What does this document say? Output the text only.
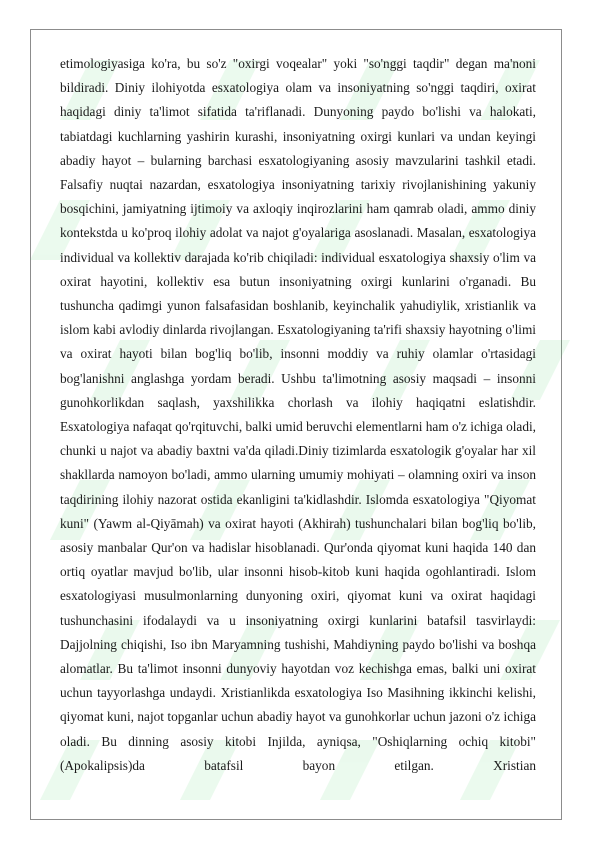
etimologiyasiga ko'ra, bu so'z "oxirgi voqealar" yoki "so'nggi taqdir" degan ma'noni bildiradi. Diniy ilohiyotda esxatologiya olam va insoniyatning so'nggi taqdiri, oxirat haqidagi diniy ta'limot sifatida ta'riflanadi. Dunyoning paydo bo'lishi va halokati, tabiatdagi kuchlarning yashirin kurashi, insoniyatning oxirgi kunlari va undan keyingi abadiy hayot – bularning barchasi esxatologiyaning asosiy mavzularini tashkil etadi. Falsafiy nuqtai nazardan, esxatologiya insoniyatning tarixiy rivojlanishining yakuniy bosqichini, jamiyatning ijtimoiy va axloqiy inqirozlarini ham qamrab oladi, ammo diniy kontekstda u ko'proq ilohiy adolat va najot g'oyalariga asoslanadi. Masalan, esxatologiya individual va kollektiv darajada ko'rib chiqiladi: individual esxatologiya shaxsiy o'lim va oxirat hayotini, kollektiv esa butun insoniyatning oxirgi kunlarini o'rganadi. Bu tushuncha qadimgi yunon falsafasidan boshlanib, keyinchalik yahudiylik, xristianlik va islom kabi avlodiy dinlarda rivojlangan. Esxatologiyaning ta'rifi shaxsiy hayotning o'limi va oxirat hayoti bilan bog'liq bo'lib, insonni moddiy va ruhiy olamlar o'rtasidagi bog'lanishni anglashga yordam beradi. Ushbu ta'limotning asosiy maqsadi – insonni gunohkorlikdan saqlash, yaxshilikka chorlash va ilohiy haqiqatni eslatishdir. Esxatologiya nafaqat qo'rqituvchi, balki umid beruvchi elementlarni ham o'z ichiga oladi, chunki u najot va abadiy baxtni va'da qiladi.Diniy tizimlarda esxatologik g'oyalar har xil shakllarda namoyon bo'ladi, ammo ularning umumiy mohiyati – olamning oxiri va inson taqdirining ilohiy nazorat ostida ekanligini ta'kidlashdir. Islomda esxatologiya "Qiyomat kuni" (Yawm al-Qiyāmah) va oxirat hayoti (Akhirah) tushunchalari bilan bog'liq bo'lib, asosiy manbalar Qur'on va hadislar hisoblanadi. Qur'onda qiyomat kuni haqida 140 dan ortiq oyatlar mavjud bo'lib, ular insonni hisob-kitob kuni haqida ogohlantiradi. Islom esxatologiyasi musulmonlarning dunyoning oxiri, qiyomat kuni va oxirat haqidagi tushunchasini ifodalaydi va u insoniyatning oxirgi kunlarini batafsil tasvirlaydi: Dajjolning chiqishi, Iso ibn Maryamning tushishi, Mahdiyning paydo bo'lishi va boshqa alomatlar. Bu ta'limot insonni dunyoviy hayotdan voz kechishga emas, balki uni oxirat uchun tayyorlashga undaydi. Xristianlikda esxatologiya Iso Masihning ikkinchi kelishi, qiyomat kuni, najot topganlar uchun abadiy hayot va gunohkorlar uchun jazoni o'z ichiga oladi. Bu dinning asosiy kitobi Injilda, ayniqsa, "Oshiqlarning ochiq kitobi" (Apokalipsis)da batafsil bayon etilgan. Xristian
